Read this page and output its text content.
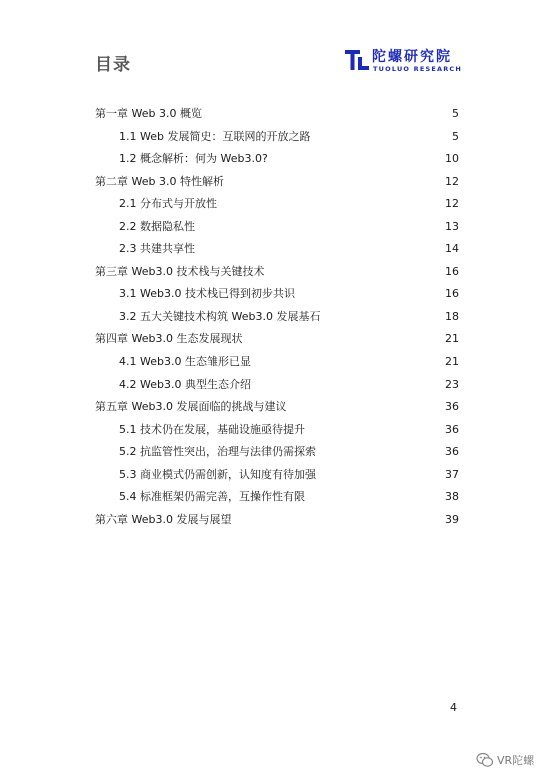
目录	陀螺研究院
TUOLUO RESEARCH
第一章 Web 3.0 概览	5
1.1 Web 发展简史：互联网的开放之路	5
1.2 概念解析：何为 Web3.0?	10
第二章 Web 3.0 特性解析	12
2.1 分布式与开放性	12
2.2 数据隐私性	13
2.3 共建共享性	14
第三章 Web3.0 技术栈与关键技术	16
3.1 Web3.0 技术栈已得到初步共识	16
3.2 五大关键技术构筑 Web3.0 发展基石	18
第四章 Web3.0 生态发展现状	21
4.1 Web3.0 生态雏形已显	21
4.2 Web3.0 典型生态介绍	23
第五章 Web3.0 发展面临的挑战与建议	36
5.1 技术仍在发展，基础设施亟待提升	36
5.2 抗监管性突出，治理与法律仍需探索	36
5.3 商业模式仍需创新，认知度有待加强	37
5.4 标准框架仍需完善，互操作性有限	38
第六章 Web3.0 发展与展望	39
4
VR陀螺
